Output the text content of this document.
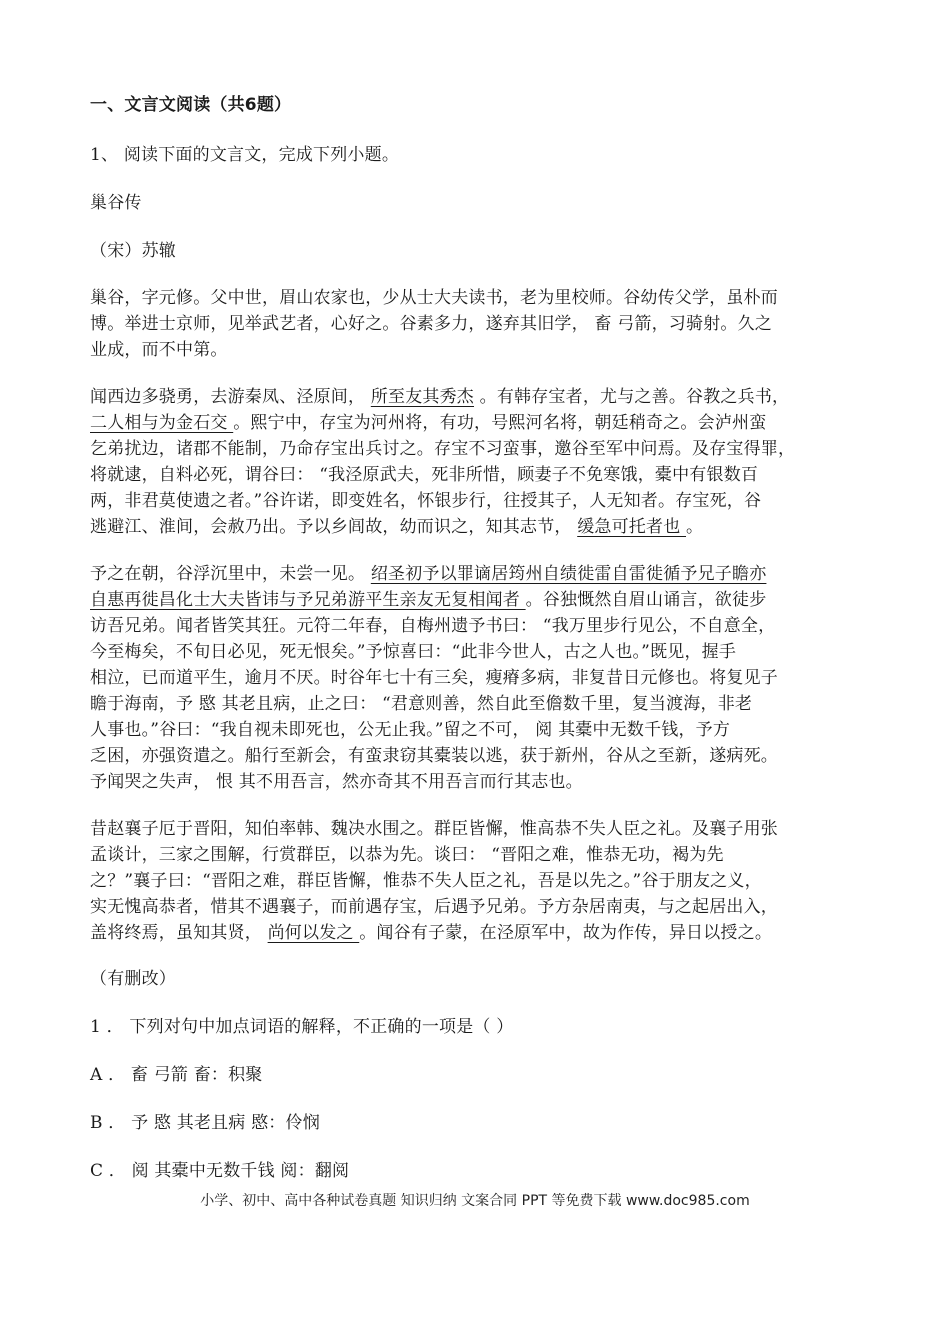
一、文言文阅读（共6题）
1、 阅读下面的文言文，完成下列小题。
巢谷传
（宋）苏辙
巢谷，字元修。父中世，眉山农家也，少从士大夫读书，老为里校师。谷幼传父学，虽朴而
博。举进士京师，见举武艺者，心好之。谷素多力，遂弃其旧学， 畜 弓箭，习骑射。久之
业成，而不中第。
闻西边多骁勇，去游秦凤、泾原间， 所至友其秀杰 。有韩存宝者，尤与之善。谷教之兵书，
二人相与为金石交 。熙宁中，存宝为河州将，有功，号熙河名将，朝廷稍奇之。会泸州蛮
乞弟扰边，诸郡不能制，乃命存宝出兵讨之。存宝不习蛮事，邀谷至军中问焉。及存宝得罪，
将就逮，自料必死，谓谷曰： “我泾原武夫，死非所惜，顾妻子不免寒饿，橐中有银数百
两，非君莫使遗之者。”谷许诺，即变姓名，怀银步行，往授其子，人无知者。存宝死，谷
逃避江、淮间，会赦乃出。予以乡闾故，幼而识之，知其志节， 缓急可托者也 。
予之在朝，谷浮沉里中，未尝一见。 绍圣初予以罪谪居筠州自绩徙雷自雷徙循予兄子瞻亦
自惠再徙昌化士大夫皆讳与予兄弟游平生亲友无复相闻者 。谷独慨然自眉山诵言，欲徒步
访吾兄弟。闻者皆笑其狂。元符二年春，自梅州遗予书曰： “我万里步行见公，不自意全，
今至梅矣，不旬日必见，死无恨矣。”予惊喜曰：“此非今世人，古之人也。”既见，握手
相泣，已而道平生，逾月不厌。时谷年七十有三矣，瘦瘠多病，非复昔日元修也。将复见子
瞻于海南，予 愍 其老且病，止之曰： “君意则善，然自此至儋数千里，复当渡海，非老
人事也。”谷曰：“我自视未即死也，公无止我。”留之不可， 阅 其橐中无数千钱，予方
乏困，亦强资遣之。船行至新会，有蛮隶窃其橐装以逃，获于新州，谷从之至新，遂病死。
予闻哭之失声， 恨 其不用吾言，然亦奇其不用吾言而行其志也。
昔赵襄子厄于晋阳，知伯率韩、魏决水围之。群臣皆懈，惟高恭不失人臣之礼。及襄子用张
孟谈计，三家之围解，行赏群臣，以恭为先。谈曰： “晋阳之难，惟恭无功，褐为先
之？”襄子曰：“晋阳之难，群臣皆懈，惟恭不失人臣之礼，吾是以先之。”谷于朋友之义，
实无愧高恭者，惜其不遇襄子，而前遇存宝，后遇予兄弟。予方杂居南夷，与之起居出入，
盖将终焉，虽知其贤， 尚何以发之 。闻谷有子蒙，在泾原军中，故为作传，异日以授之。
（有删改）
1 ． 下列对句中加点词语的解释，不正确的一项是（ ）
A ． 畜 弓箭 畜：积聚
B ． 予 愍 其老且病 愍：伶悯
C ． 阅 其橐中无数千钱 阅：翻阅
小学、初中、高中各种试卷真题 知识归纳 文案合同 PPT 等免费下载 www.doc985.com
